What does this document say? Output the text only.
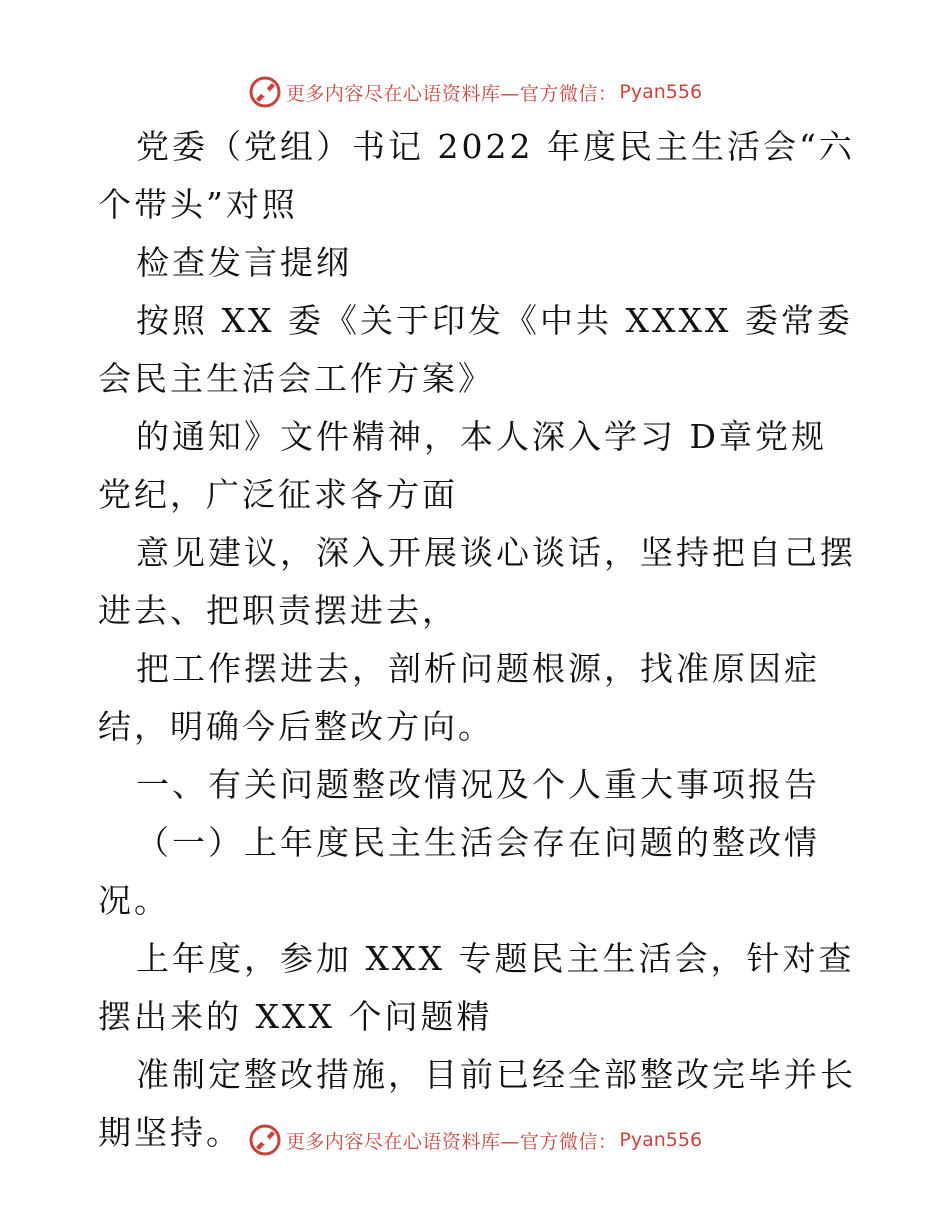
更多内容尽在心语资料库—官方微信： Pyan556

党委（党组）书记 2022 年度民主生活会“六个带头”对照

检查发言提纲

按照 XX 委《关于印发《中共 XXXX 委常委会民主生活会工作方案》

的通知》文件精神，本人深入学习 D章党规党纪，广泛征求各方面

意见建议，深入开展谈心谈话，坚持把自己摆进去、把职责摆进去，

把工作摆进去，剖析问题根源，找准原因症结，明确今后整改方向。

一、有关问题整改情况及个人重大事项报告

（一）上年度民主生活会存在问题的整改情况。

上年度，参加 XXX 专题民主生活会，针对查摆出来的 XXX 个问题精

准制定整改措施，目前已经全部整改完毕并长期坚持。	更多内容尽在心语资料库—官方微信： Pyan556
